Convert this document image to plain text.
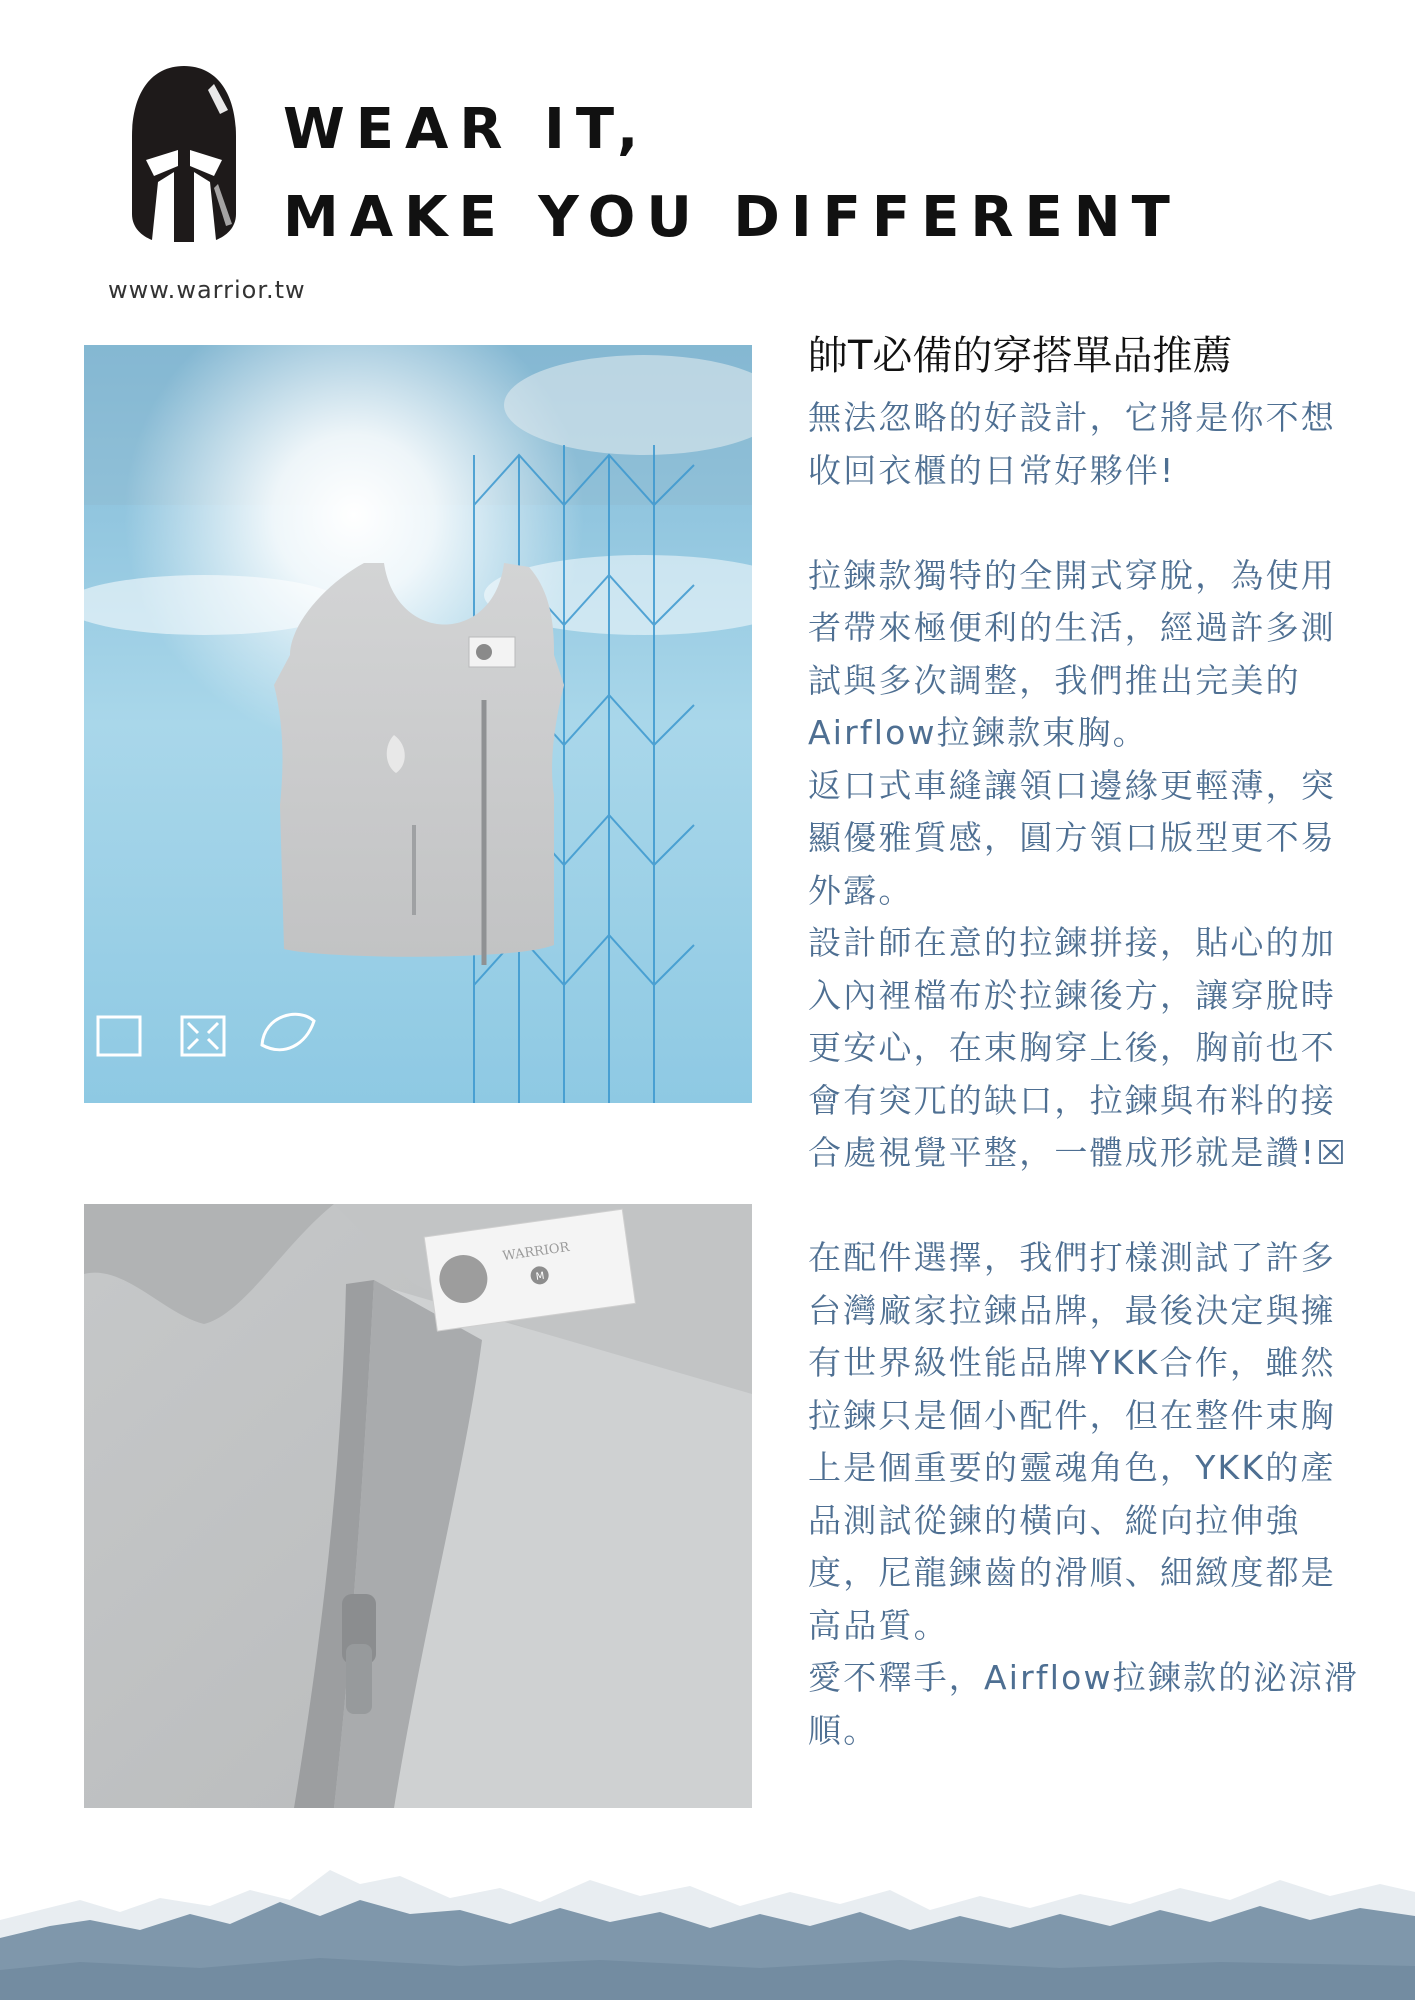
WEAR IT,
MAKE YOU DIFFERENT
www.warrior.tw
WARRIOR
M
帥T必備的穿搭單品推薦

無法忽略的好設計，它將是你不想收回衣櫃的日常好夥伴!

拉鍊款獨特的全開式穿脫，為使用者帶來極便利的生活，經過許多測試與多次調整，我們推出完美的Airflow拉鍊款束胸。

返口式車縫讓領口邊緣更輕薄，突顯優雅質感，圓方領口版型更不易外露。

設計師在意的拉鍊拼接，貼心的加入內裡檔布於拉鍊後方，讓穿脫時更安心，在束胸穿上後，胸前也不會有突兀的缺口，拉鍊與布料的接合處視覺平整，一體成形就是讚!☒

在配件選擇，我們打樣測試了許多台灣廠家拉鍊品牌，最後決定與擁有世界級性能品牌YKK合作，雖然拉鍊只是個小配件，但在整件束胸上是個重要的靈魂角色，YKK的產品測試從鍊的橫向、縱向拉伸強度，尼龍鍊齒的滑順、細緻度都是高品質。

愛不釋手，Airflow拉鍊款的泌涼滑順。
